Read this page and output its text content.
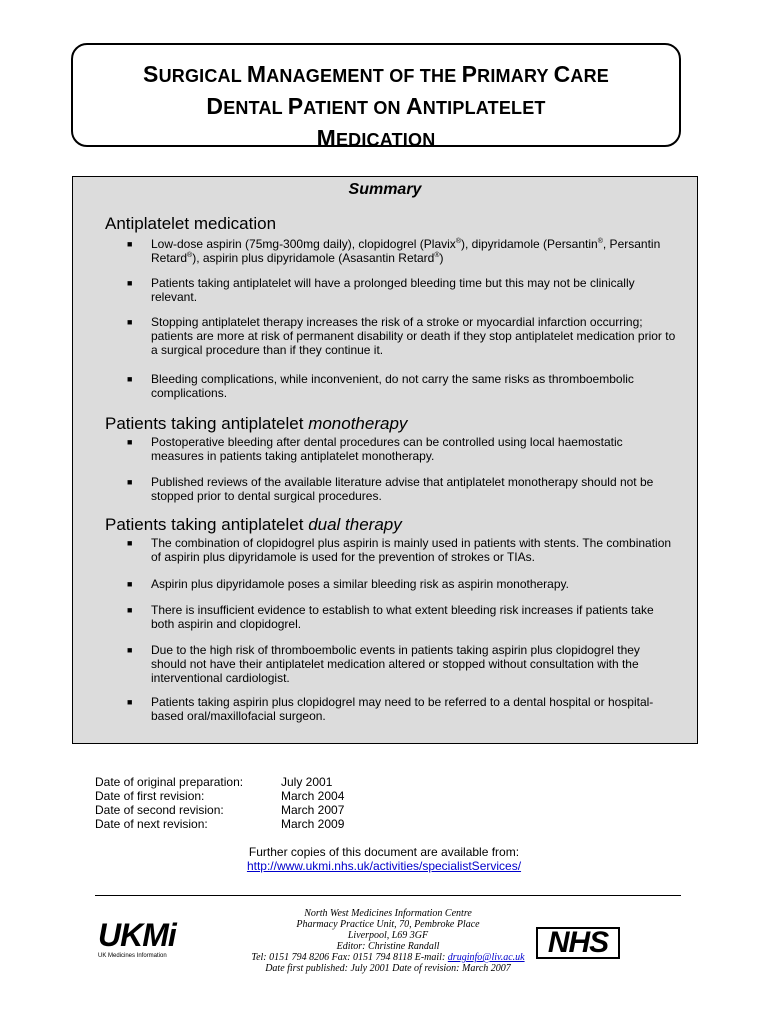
SURGICAL MANAGEMENT OF THE PRIMARY CARE
DENTAL PATIENT ON ANTIPLATELET
MEDICATION
Summary
Antiplatelet medication
■ Low-dose aspirin (75mg-300mg daily), clopidogrel (Plavix®), dipyridamole (Persantin®, Persantin Retard®), aspirin plus dipyridamole (Asasantin Retard®)
■ Patients taking antiplatelet will have a prolonged bleeding time but this may not be clinically relevant.
■ Stopping antiplatelet therapy increases the risk of a stroke or myocardial infarction occurring; patients are more at risk of permanent disability or death if they stop antiplatelet medication prior to a surgical procedure than if they continue it.
■ Bleeding complications, while inconvenient, do not carry the same risks as thromboembolic complications.
Patients taking antiplatelet monotherapy
■ Postoperative bleeding after dental procedures can be controlled using local haemostatic measures in patients taking antiplatelet monotherapy.
■ Published reviews of the available literature advise that antiplatelet monotherapy should not be stopped prior to dental surgical procedures.
Patients taking antiplatelet dual therapy
■ The combination of clopidogrel plus aspirin is mainly used in patients with stents. The combination of aspirin plus dipyridamole is used for the prevention of strokes or TIAs.
■ Aspirin plus dipyridamole poses a similar bleeding risk as aspirin monotherapy.
■ There is insufficient evidence to establish to what extent bleeding risk increases if patients take both aspirin and clopidogrel.
■ Due to the high risk of thromboembolic events in patients taking aspirin plus clopidogrel they should not have their antiplatelet medication altered or stopped without consultation with the interventional cardiologist.
■ Patients taking aspirin plus clopidogrel may need to be referred to a dental hospital or hospital-based oral/maxillofacial surgeon.
Date of original preparation:	July 2001
Date of first revision:	March 2004
Date of second revision:	March 2007
Date of next revision:	March 2009
Further copies of this document are available from:
http://www.ukmi.nhs.uk/activities/specialistServices/
UKMi
UK Medicines Information
North West Medicines Information Centre
Pharmacy Practice Unit, 70, Pembroke Place
Liverpool, L69 3GF
Editor: Christine Randall
Tel: 0151 794 8206 Fax: 0151 794 8118 E-mail: druginfo@liv.ac.uk
Date first published: July 2001 Date of revision: March 2007
NHS
